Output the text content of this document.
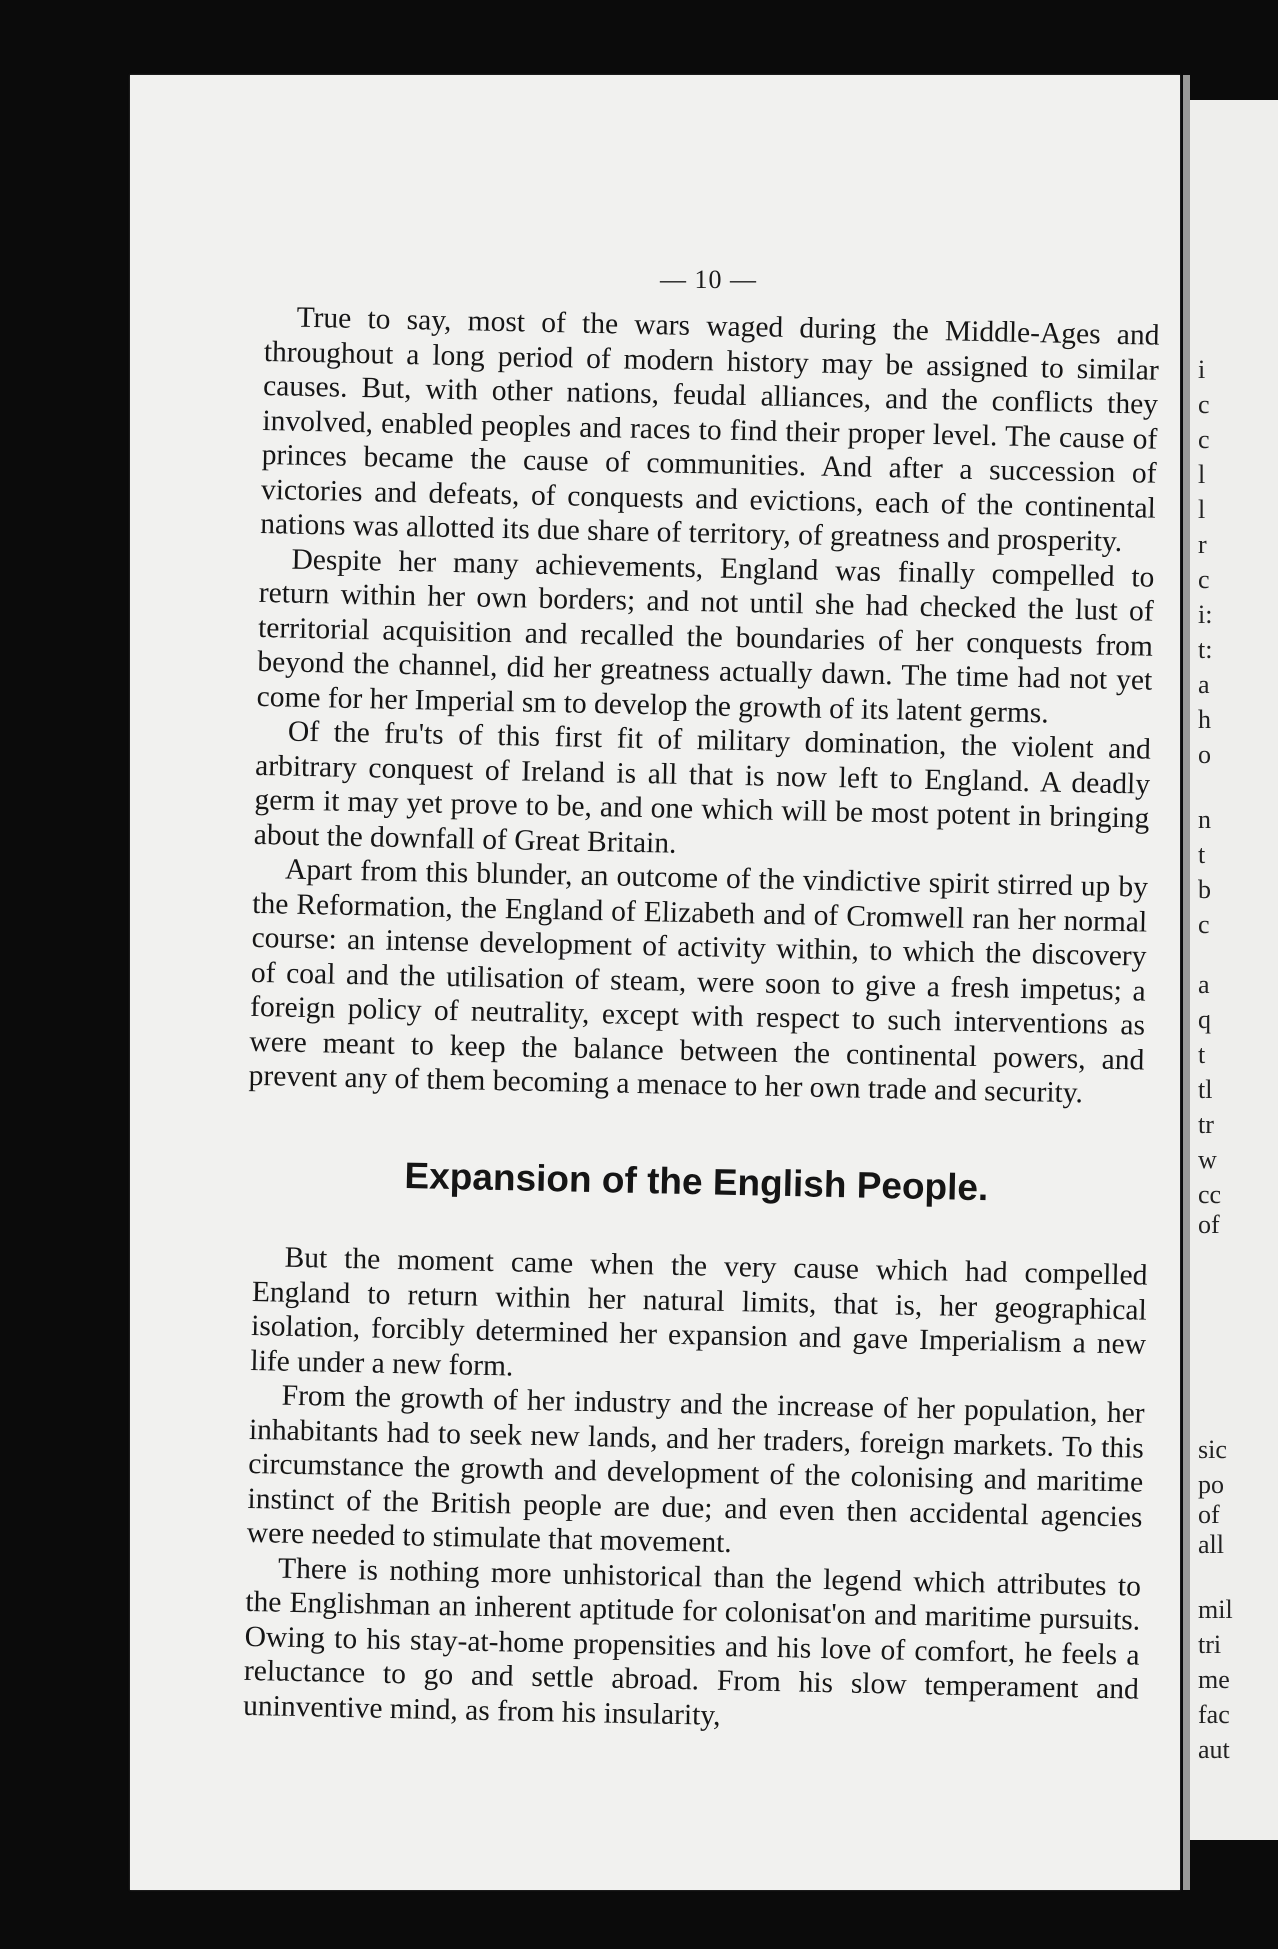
i
c
c
l
l
r
c
i:
t:
a
h
o
n
t
b
c
a
q
t
tl
tr
w
cc
of
sic
po
of
all
mil
tri
me
fac
aut
— 10 —

True to say, most of the wars waged during the Middle-Ages and throughout a long period of modern history may be assigned to similar causes. But, with other nations, feudal alliances, and the conflicts they involved, enabled peoples and races to find their proper level. The cause of princes became the cause of communities. And after a succession of victories and defeats, of conquests and evictions, each of the continental nations was allotted its due share of territory, of greatness and prosperity.

Despite her many achievements, England was finally compelled to return within her own borders; and not until she had checked the lust of territorial acquisition and recalled the boundaries of her conquests from beyond the channel, did her greatness actually dawn. The time had not yet come for her Imperial sm to develop the growth of its latent germs.

Of the fru'ts of this first fit of military domination, the violent and arbitrary conquest of Ireland is all that is now left to England. A deadly germ it may yet prove to be, and one which will be most potent in bringing about the downfall of Great Britain.

Apart from this blunder, an outcome of the vindictive spirit stirred up by the Reformation, the England of Elizabeth and of Cromwell ran her normal course: an intense development of activity within, to which the discovery of coal and the utilisation of steam, were soon to give a fresh impetus; a foreign policy of neutrality, except with respect to such interventions as were meant to keep the balance between the continental powers, and prevent any of them becoming a menace to her own trade and security.

Expansion of the English People.

But the moment came when the very cause which had compelled England to return within her natural limits, that is, her geographical isolation, forcibly determined her expansion and gave Imperialism a new life under a new form.

From the growth of her industry and the increase of her population, her inhabitants had to seek new lands, and her traders, foreign markets. To this circumstance the growth and development of the colonising and maritime instinct of the British people are due; and even then accidental agencies were needed to stimulate that movement.

There is nothing more unhistorical than the legend which attributes to the Englishman an inherent aptitude for colonisat'on and maritime pursuits. Owing to his stay-at-home propensities and his love of comfort, he feels a reluctance to go and settle abroad. From his slow temperament and uninventive mind, as from his insularity,
